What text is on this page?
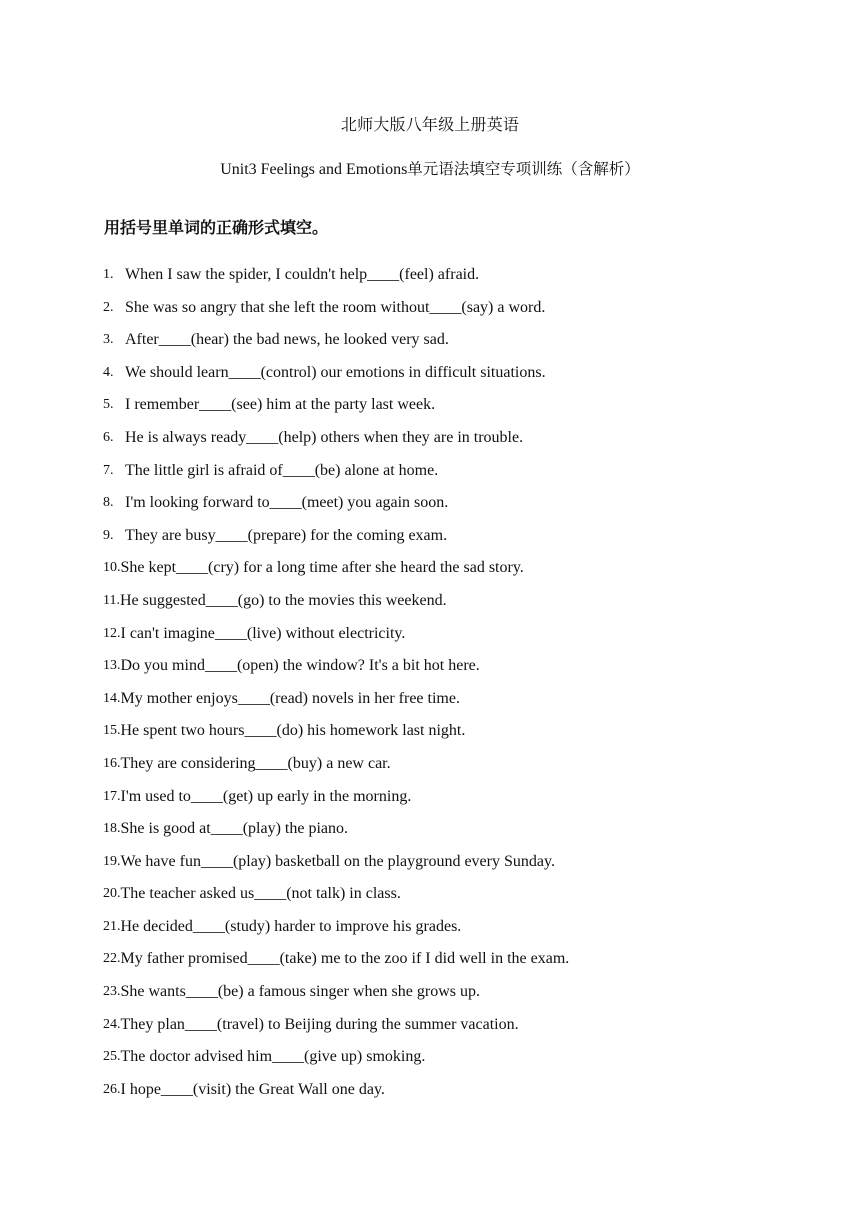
北师大版八年级上册英语
Unit3 Feelings and Emotions单元语法填空专项训练（含解析）
用括号里单词的正确形式填空。
1. When I saw the spider, I couldn't help____(feel) afraid.
2. She was so angry that she left the room without____(say) a word.
3. After____(hear) the bad news, he looked very sad.
4. We should learn____(control) our emotions in difficult situations.
5. I remember____(see) him at the party last week.
6. He is always ready____(help) others when they are in trouble.
7. The little girl is afraid of____(be) alone at home.
8. I'm looking forward to____(meet) you again soon.
9. They are busy____(prepare) for the coming exam.
10. She kept____(cry) for a long time after she heard the sad story.
11. He suggested____(go) to the movies this weekend.
12. I can't imagine____(live) without electricity.
13. Do you mind____(open) the window? It's a bit hot here.
14. My mother enjoys____(read) novels in her free time.
15. He spent two hours____(do) his homework last night.
16. They are considering____(buy) a new car.
17. I'm used to____(get) up early in the morning.
18. She is good at____(play) the piano.
19. We have fun____(play) basketball on the playground every Sunday.
20. The teacher asked us____(not talk) in class.
21. He decided____(study) harder to improve his grades.
22. My father promised____(take) me to the zoo if I did well in the exam.
23. She wants____(be) a famous singer when she grows up.
24. They plan____(travel) to Beijing during the summer vacation.
25. The doctor advised him____(give up) smoking.
26. I hope____(visit) the Great Wall one day.
